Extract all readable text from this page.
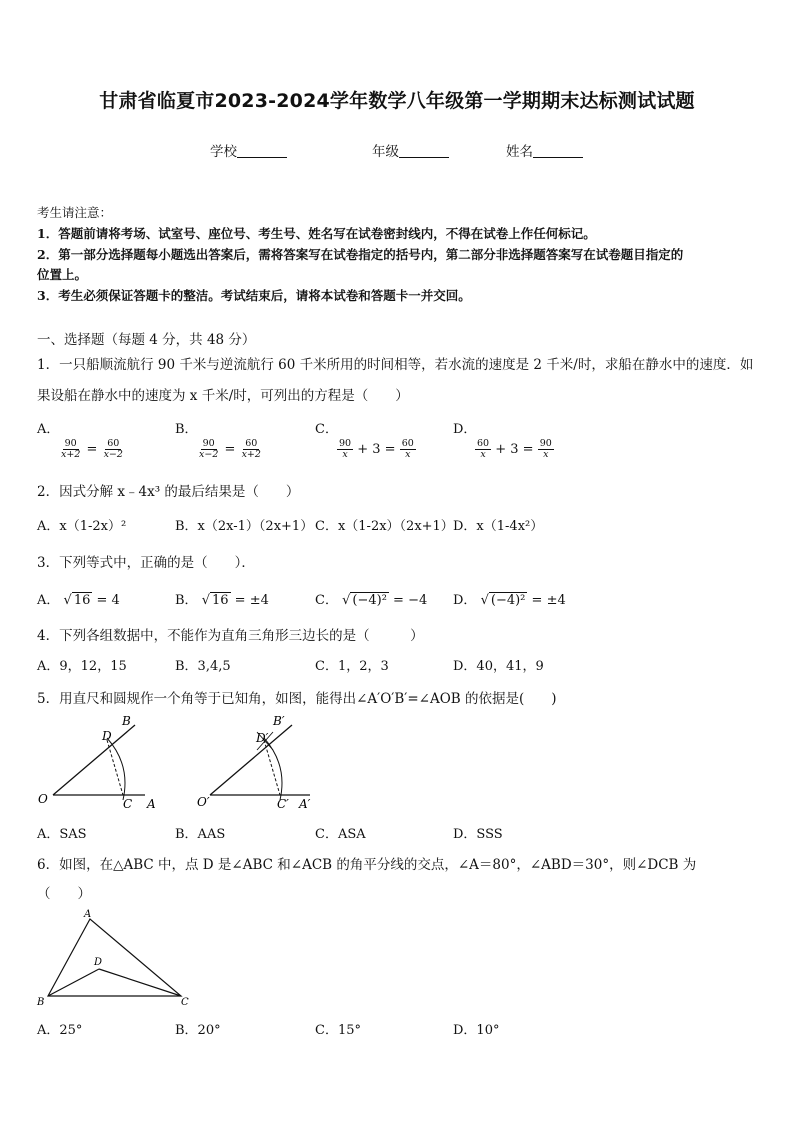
甘肃省临夏市2023-2024学年数学八年级第一学期期末达标测试试题
学校	年级	姓名
考生请注意：
1．答题前请将考场、试室号、座位号、考生号、姓名写在试卷密封线内，不得在试卷上作任何标记。
2．第一部分选择题每小题选出答案后，需将答案写在试卷指定的括号内，第二部分非选择题答案写在试卷题目指定的
位置上。
3．考生必须保证答题卡的整洁。考试结束后，请将本试卷和答题卡一并交回。
一、选择题（每题 4 分，共 48 分）
1．一只船顺流航行 90 千米与逆流航行 60 千米所用的时间相等，若水流的速度是 2 千米/时，求船在静水中的速度．如
果设船在静水中的速度为 x 千米/时，可列出的方程是（　　）
A．
$\frac{90}{x+2} = \frac{60}{x-2}$
B．
$\frac{90}{x-2} = \frac{60}{x+2}$
C．
$\frac{90}{x} + 3 = \frac{60}{x}$
D．
$\frac{60}{x} + 3 = \frac{90}{x}$
2．因式分解 x﹣4x³ 的最后结果是（　　）
A．x（1-2x）²	B．x（2x-1）（2x+1） C．x（1-2x）（2x+1） D．x（1-4x²）
3．下列等式中，正确的是（　　）．
A． √ 16 = 4	B． √ 16 = ±4	C． √ (−4)² = −4 D． √ (−4)² = ±4
4．下列各组数据中，不能作为直角三角形三边长的是（　　　）
A．9，12，15	B．3,4,5	C．1，2，3	D．40，41，9
5．用直尺和圆规作一个角等于已知角，如图，能得出∠A′O′B′=∠AOB 的依据是(　　)
B
D
O	C A
B′
D′
O′	C′ A′
A．SAS	B．AAS	C．ASA	D．SSS
6．如图，在△ABC 中，点 D 是∠ABC 和∠ACB 的角平分线的交点，∠A＝80°，∠ABD＝30°，则∠DCB 为
（　　）
A
B	C
D
A．25°	B．20°	C．15°	D．10°
